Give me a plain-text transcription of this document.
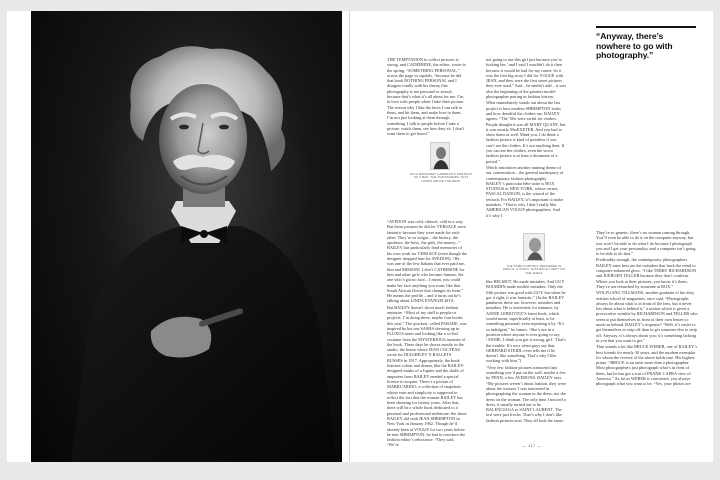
THE TEMPTATION to collect pictures is strong, and CATHERINE, the editor, wrote in the spring, “SOMETHING PERSONAL,” across the page in capitals, “because he did that book NOTHING PERSONAL and I disagree totally with his theory that photography is not personal or sexual, because that’s what it’s all about for me. I’m in love with people when I take their picture. The reason why I like the faces I can talk to them, and hit them, and make love to them, I’m not just looking at them through something. I talk to people before I take a picture, watch them, see how they sit. I don’t want them to get bored.”

JULIA MARGARET CAMERON’S PORTRAIT OF A MAN, THE PHOTOGRAPH THAT HANGS ABOVE THE DESK

“AVEDON was cold, clinical, cold in a way. But those pictures he did for VERSACE were fantastic because they were made for each other. They’re so vulgar – the history, the opulence, the boys, the girls, the money...” BAILEY has particularly fond memories of his own work for VERSACE (even though the designer dropped him for AVEDON). “He was one of the few Italians that ever paid me, him and MISSONI. I don’t CATHERINE for him and other girls who became famous, the one who’s got no face... I mean, you could make her face anything you want, like that South African flower that changes its form.” He means the profile – and it turns out he’s talking about LINDA EVANGELISTA.

But BAILEY doesn’t shoot much fashion anymore. “Most of my stuff is people or projects. I’m doing three, maybe four books this year.” The quickest, called PARADE, was inspired by his son SASHA dressing up in FLUXUS notes and looking like a so-bid costume from the MYSTERIOUS moment of the book. These days he shoots mostly in the studio, the house where JEAN COCTEAU wrote for DIAGHILEV’S BALLETS RUSSES in 1917. Appropriately, the book features colour and drama, like the BAILEY-designed masks of a Jupiter and the skulls of amputees from BAILEY needed a special licence to acquire. There’s a picture of MARKCARINO, a collection of snapshots whose ease and simplicity is supposed to reflect the fact that the woman BAILEY has been shooting for twenty years. After that, there will be a whole book dedicated to a personal and professional milestone: the shoot BAILEY did with JEAN SHRIMPTON in New York in January 1962. Though he’d already been at VOGUE for two years before he met SHRIMPTON, he had to convince the fashion editor’s reluctance. “They said, ‘We’re

not going to use this girl just because you’re fucking her,’ and I said I wouldn’t do it then because it would be bad for my career. So it was the first big story I did for VOGUE with JEAN, and they were the first street pictures they ever used.” And – he needn’t add – it was also the beginning of the greatest model-photographer pairing in fashion history.

What immediately stands out about the last project is how modern SHRIMPTON looks and how dreadful the clothes are, BAILEY agrees. “The ’60s were awful for clothes. People thought it was all MARY QUANT, but it was mostly MrsEXETER. And you had to show them as well. Mind you, I do think a fashion picture is kind of pointless if you can’t see the clothes. It’s not anything then. If you can see the clothes, even the worst fashion picture is at least a document of a period.”

Which introduces another running theme of our conversation – the general inadequacy of contemporary fashion photography. BAILEY’s particular bête noire is BOX STUDIOS in NEW YORK, whose owner, PASCAL DANGIN, is the wizard of the retouch. For BAILEY, it’s important to make mistakes. “That is why I don’t really like AMERICAN VOGUE photographers. And it’s why I

THE SAME PORTRAIT RENDERED IN PENCIL, A STUDY THAT BAILEY KEPT ON THE SHELF

like HELMUT. He made mistakes. And GUY BOURDIN made terrible mistakes. Only the fifth picture was good with GUY, but when he got it right, it was fantastic.” (In the BAILEY pantheon, these are, however, mistakes and mistakes. He is interested, for instance, by ANNIE LEIBOVITZ’S latest book, which would mean, superficially at least, to be something personal, even repeating it by “It’s so indulgent,” he fumes. “She’s not in a position where anyone is ever going to say, ‘ANNIE, I think you got it wrong, girl.’ That’s the trouble. It’s nice when guys say that. GERHARD STEIDL even tells me if he doesn’t like something. That’s why I like working with him.”)

“Very few fashion pictures transcend into something you’d put on the wall, maybe a few by PENN, a few AVEDONS. BAILEY says. “My pictures weren’t about fashion, they were about the women. I was interested in photographing the woman in the dress, not the dress on the woman. The only time I noticed a dress, it usually turned out to be BALENCIAGA or SAINT LAURENT. The rest were just frocks. That’s why I don’t like fashion pictures now. They all look the same.

“Anyway, there’s nowhere to go with photography.”

They’re so generic, there’s no woman coming through. You’ll even be able to do it on the computer anyway, but you won’t be able to do what I do because I photograph you and I get your personality, and a computer isn’t going to be able to do that.”

Predictably enough, the contemporary photographers BAILEY rates best are the outsiders that buck the trend to computer-enhanced gloss. “I like TERRY RICHARDSON and JUERGEN TELLER because they don’t conform. Where you look at their pictures, you know it’s them. They’re not retouched by someone at BOX.”

WOLFGANG TILLMANS, another graduate of the dirty realism school of magazines, once said, “Photographs always lie about what is in front of the lens, but it never lies about what is behind it,” a notion which is given a provocative wrinkle by RICHARDSON and TELLER who seem to put themselves in front of their own lenses so much as behind. BAILEY’s response? “Well, it’s easier to get themselves to strip off than to get someone else to strip off. Anyway, it’s always about you; it’s something lacking in you that you want to get.”

That sounds a lot like BRUCE WEBER, one of BAILEY’s best friends for nearly 30 years, and the modern exemplar for whom the reverse of the above holds true. His highest praise. “BRUCE is an artist more than a photographer. Most photographers just photograph what’s in front of them, but he has got a sort of FRANK CAPRA view of America.” As far as WEBER is concerned, you always photograph what you want to be. “Yes, your photos are

— 117 —
